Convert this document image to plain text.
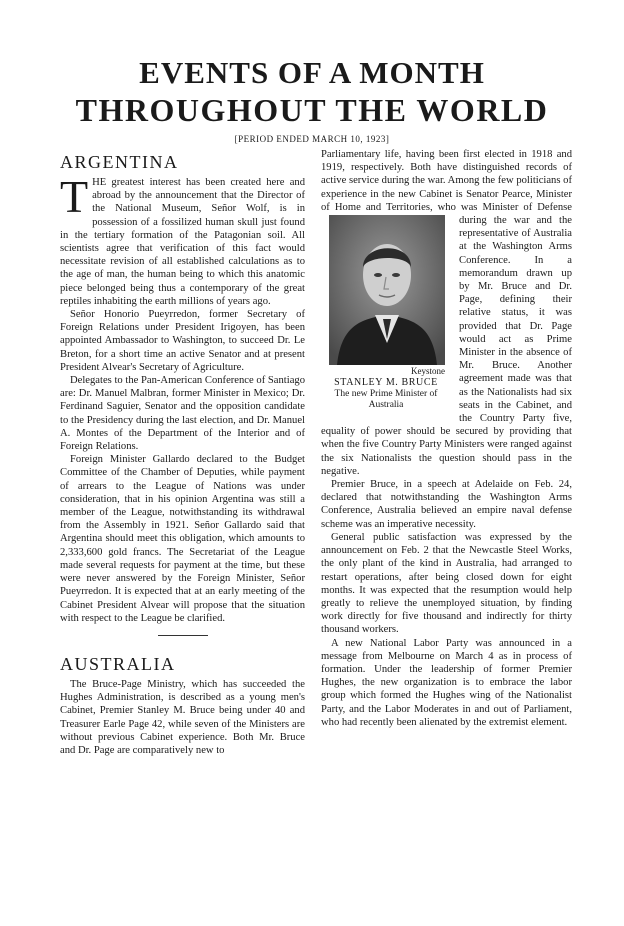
EVENTS OF A MONTH
THROUGHOUT THE WORLD
[PERIOD ENDED MARCH 10, 1923]
ARGENTINA

THE greatest interest has been created here and abroad by the announcement that the Director of the National Museum, Señor Wolf, is in possession of a fossilized human skull just found in the tertiary formation of the Patagonian soil. All scientists agree that verification of this fact would necessitate revision of all established calculations as to the age of man, the human being to which this anatomic piece belonged being thus a contemporary of the great reptiles inhabiting the earth millions of years ago.

Señor Honorio Pueyrredon, former Secretary of Foreign Relations under President Irigoyen, has been appointed Ambassador to Washington, to succeed Dr. Le Breton, for a short time an active Senator and at present President Alvear's Secretary of Agriculture.

Delegates to the Pan-American Conference of Santiago are: Dr. Manuel Malbran, former Minister in Mexico; Dr. Ferdinand Saguier, Senator and the opposition candidate to the Presidency during the last election, and Dr. Manuel A. Montes of the Department of the Interior and of Foreign Relations.

Foreign Minister Gallardo declared to the Budget Committee of the Chamber of Deputies, while payment of arrears to the League of Nations was under consideration, that in his opinion Argentina was still a member of the League, notwithstanding its withdrawal from the Assembly in 1921. Señor Gallardo said that Argentina should meet this obligation, which amounts to 2,333,600 gold francs. The Secretariat of the League made several requests for payment at the time, but these were never answered by the Foreign Minister, Señor Pueyrredon. It is expected that at an early meeting of the Cabinet President Alvear will propose that the situation with respect to the League be clarified.

AUSTRALIA

The Bruce-Page Ministry, which has succeeded the Hughes Administration, is described as a young men's Cabinet, Premier Stanley M. Bruce being under 40 and Treasurer Earle Page 42, while seven of the Ministers are without previous Cabinet experience. Both Mr. Bruce and Dr. Page are comparatively new to

Parliamentary life, having been first elected in 1918 and 1919, respectively. Both have distinguished records of active service during the war. Among the few politicians of experience in the new Cabinet is Senator Pearce, Minister of Home and Territories, who was Minister of Defense
Keystone
STANLEY M. BRUCE
The new Prime Minister of Australia
during the war and the representative of Australia at the Washington Arms Conference. In a memorandum drawn up by Mr. Bruce and Dr. Page, defining their relative status, it was provided that Dr. Page would act as Prime Minister in the absence of Mr. Bruce. Another agreement made was that as the Nationalists had six seats in the Cabinet, and the Country Party five, equality of power should be secured by providing that when the five Country Party Ministers were ranged against the six Nationalists the question should pass in the negative.

Premier Bruce, in a speech at Adelaide on Feb. 24, declared that notwithstanding the Washington Arms Conference, Australia believed an empire naval defense scheme was an imperative necessity.

General public satisfaction was expressed by the announcement on Feb. 2 that the Newcastle Steel Works, the only plant of the kind in Australia, had arranged to restart operations, after being closed down for eight months. It was expected that the resumption would help greatly to relieve the unemployed situation, by finding work directly for five thousand and indirectly for thirty thousand workers.

A new National Labor Party was announced in a message from Melbourne on March 4 as in process of formation. Under the leadership of former Premier Hughes, the new organization is to embrace the labor group which formed the Hughes wing of the Nationalist Party, and the Labor Moderates in and out of Parliament, who had recently been alienated by the extremist element.
